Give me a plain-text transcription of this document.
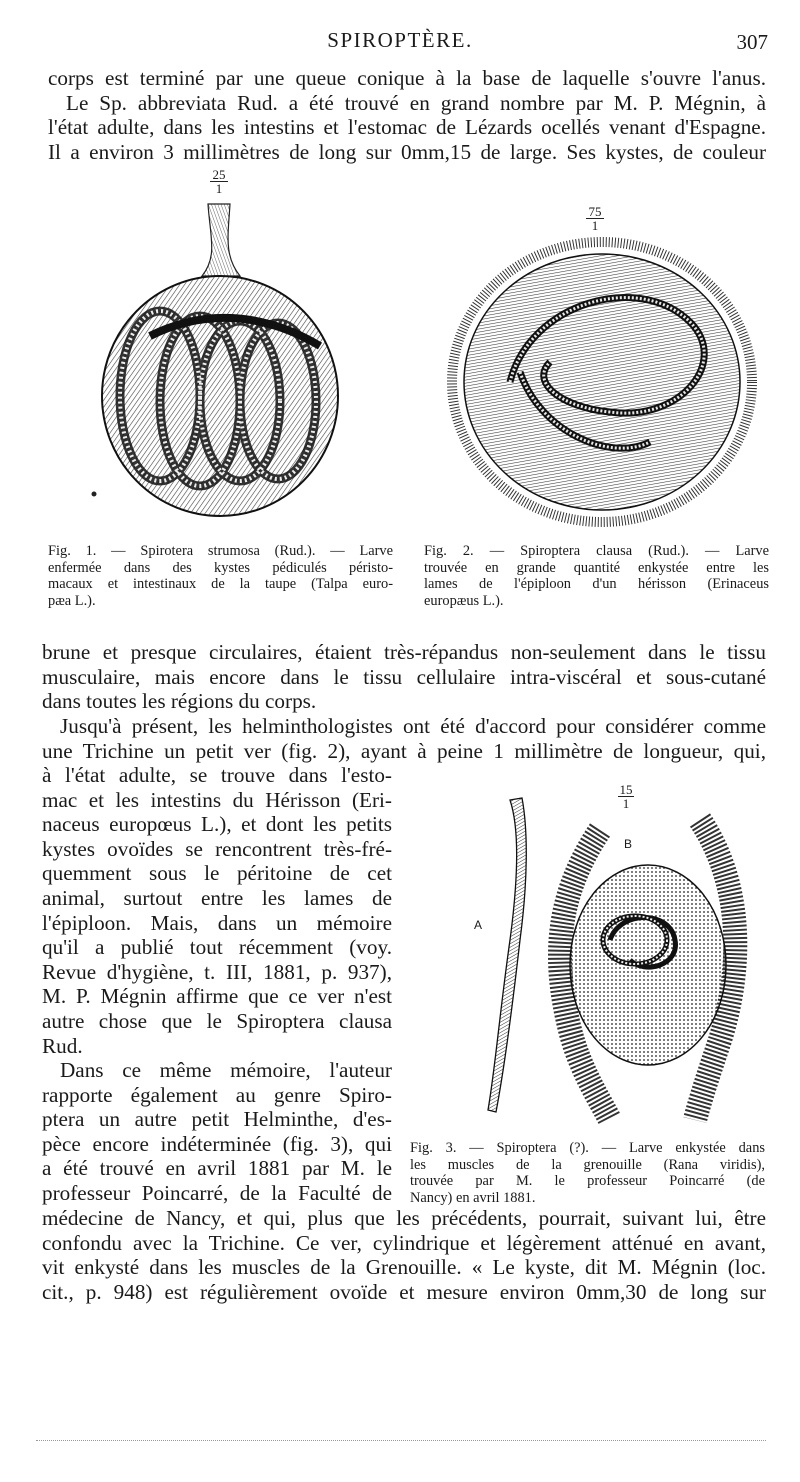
SPIROPTÈRE.	307
corps est terminé par une queue conique à la base de laquelle s'ouvre l'anus.
Le Sp. abbreviata Rud. a été trouvé en grand nombre par M. P. Mégnin, à
l'état adulte, dans les intestins et l'estomac de Lézards ocellés venant d'Espagne.
Il a environ 3 millimètres de long sur 0mm,15 de large. Ses kystes, de couleur
$\frac{25}{1}$
Fig. 1. — Spirotera strumosa (Rud.). — Larve
enfermée dans des kystes pédiculés péristo-
macaux et intestinaux de la taupe (Talpa euro-
pæa L.).
$\frac{75}{1}$
Fig. 2. — Spiroptera clausa (Rud.). — Larve
trouvée en grande quantité enkystée entre les
lames de l'épiploon d'un hérisson (Erinaceus
europæus L.).
brune et presque circulaires, étaient très-répandus non-seulement dans le tissu
musculaire, mais encore dans le tissu cellulaire intra-viscéral et sous-cutané
dans toutes les régions du corps.
Jusqu'à présent, les helminthologistes ont été d'accord pour considérer comme
une Trichine un petit ver (fig. 2), ayant à peine 1 millimètre de longueur, qui,
à l'état adulte, se trouve dans l'esto-
mac et les intestins du Hérisson (Eri-
naceus europœus L.), et dont les petits
kystes ovoïdes se rencontrent très-fré-
quemment sous le péritoine de cet
animal, surtout entre les lames de
l'épiploon. Mais, dans un mémoire
qu'il a publié tout récemment (voy.
Revue d'hygiène, t. III, 1881, p. 937),
M. P. Mégnin affirme que ce ver n'est
autre chose que le Spiroptera clausa
Rud.
Dans ce même mémoire, l'auteur
rapporte également au genre Spiro-
ptera un autre petit Helminthe, d'es-
pèce encore indéterminée (fig. 3), qui
a été trouvé en avril 1881 par M. le
professeur Poincarré, de la Faculté de
$\frac{15}{1}$
A
B
Fig. 3. — Spiroptera (?). — Larve enkystée dans
les muscles de la grenouille (Rana viridis),
trouvée par M. le professeur Poincarré (de
Nancy) en avril 1881.
médecine de Nancy, et qui, plus que les précédents, pourrait, suivant lui, être
confondu avec la Trichine. Ce ver, cylindrique et légèrement atténué en avant,
vit enkysté dans les muscles de la Grenouille. « Le kyste, dit M. Mégnin (loc.
cit., p. 948) est régulièrement ovoïde et mesure environ 0mm,30 de long sur
